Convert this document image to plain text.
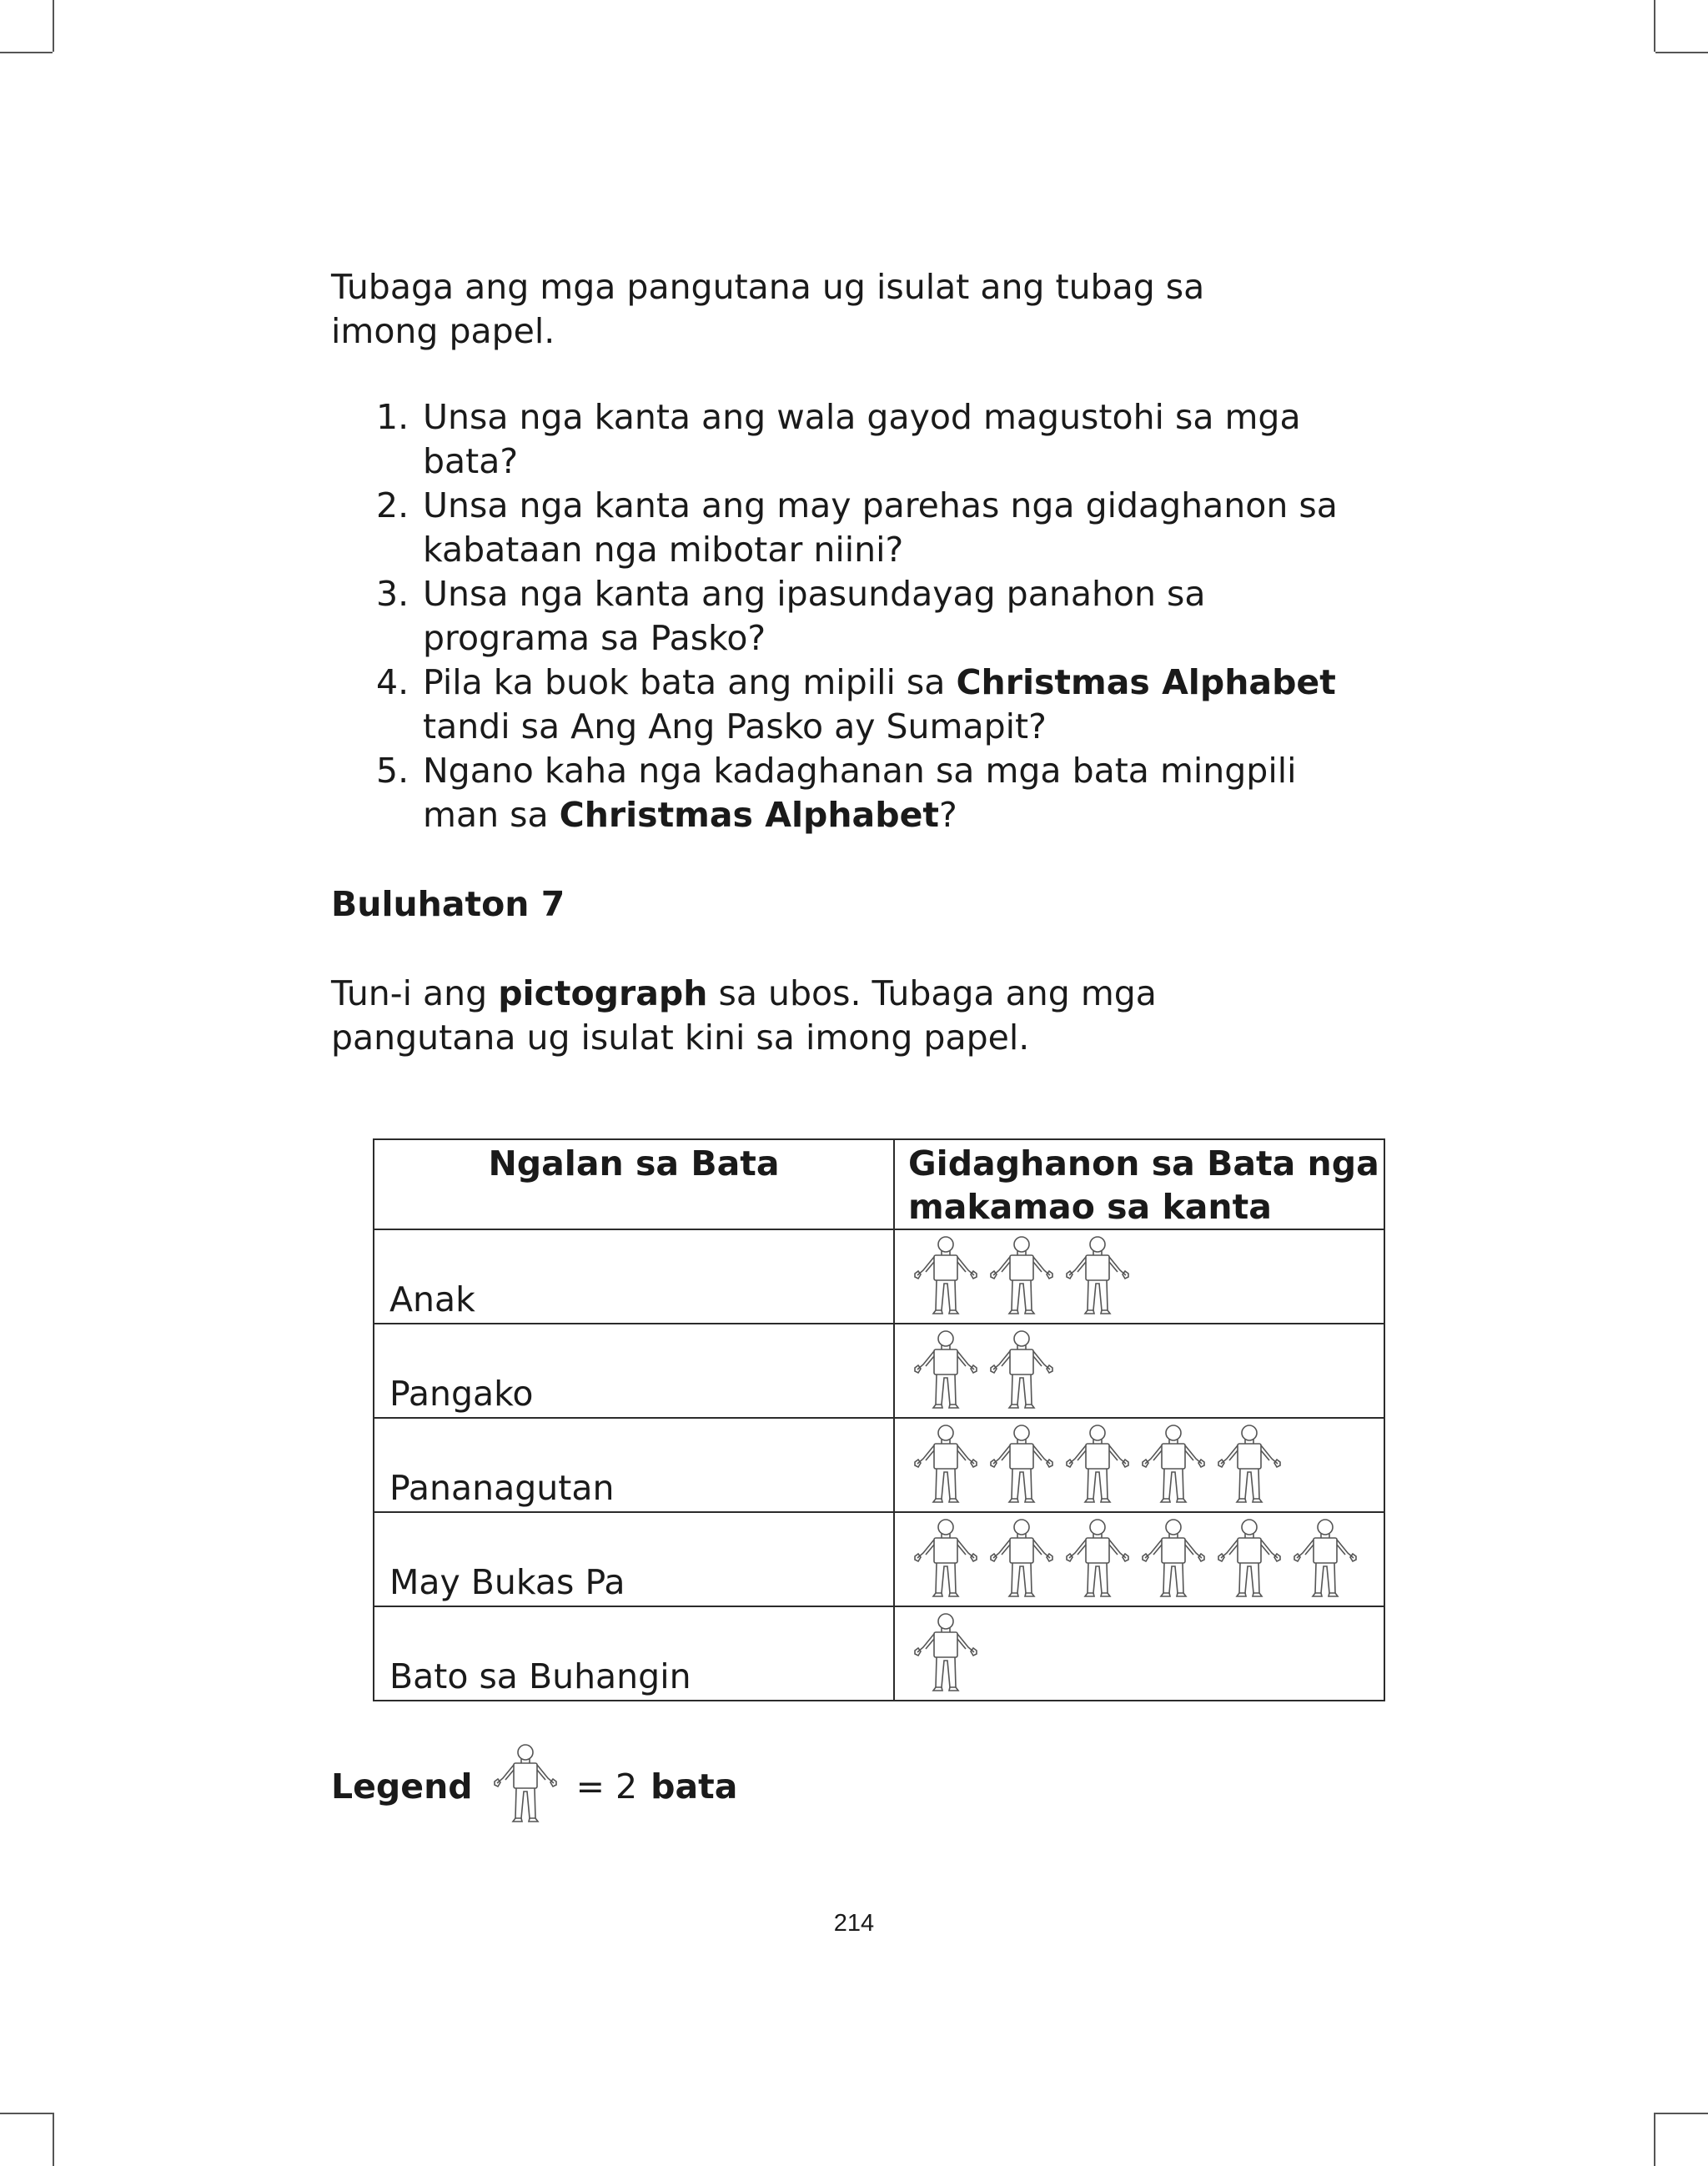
Tubaga ang mga pangutana ug isulat ang tubag sa imong papel.

1. Unsa nga kanta ang wala gayod magustohi sa mga bata?
2. Unsa nga kanta ang may parehas nga gidaghanon sa kabataan nga mibotar niini?
3. Unsa nga kanta ang ipasundayag panahon sa programa sa Pasko?
4. Pila ka buok bata ang mipili sa Christmas Alphabet tandi sa Ang Ang Pasko ay Sumapit?
5. Ngano kaha nga kadaghanan sa mga bata mingpili man sa Christmas Alphabet?

Buluhaton 7

Tun-i ang pictograph sa ubos. Tubaga ang mga pangutana ug isulat kini sa imong papel.

Ngalan sa Bata	Gidaghanon sa Bata nga makamao sa kanta
Anak	

Pangako	

Pananagutan	

May Bukas Pa	

Bato sa Buhangin	
Legend	= 2 bata
214
